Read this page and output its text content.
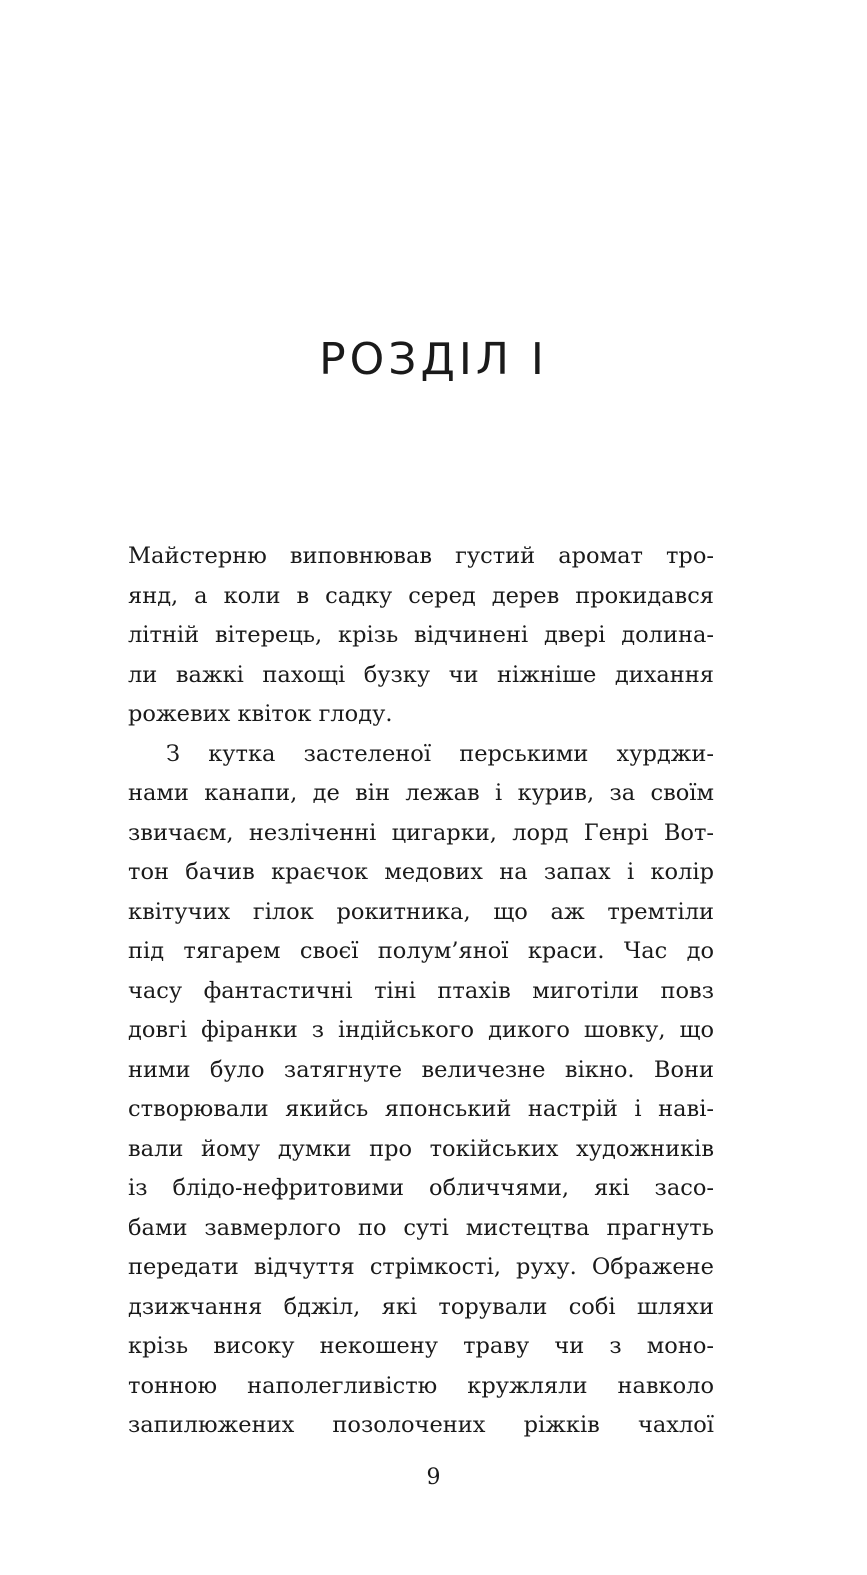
РОЗДІЛ I
Майстерню виповнював густий аромат тро-
янд, а коли в садку серед дерев прокидався
літній вітерець, крізь відчинені двері долина-
ли важкі пахощі бузку чи ніжніше дихання
рожевих квіток глоду.
З кутка застеленої перськими хурджи-
нами канапи, де він лежав і курив, за своїм
звичаєм, незліченні цигарки, лорд Генрі Вот-
тон бачив краєчок медових на запах і колір
квітучих гілок рокитника, що аж тремтіли
під тягарем своєї полум’яної краси. Час до
часу фантастичні тіні птахів миготіли повз
довгі фіранки з індійського дикого шовку, що
ними було затягнуте величезне вікно. Вони
створювали якийсь японський настрій і наві-
вали йому думки про токійських художників
із блідо-нефритовими обличчями, які засо-
бами завмерлого по суті мистецтва прагнуть
передати відчуття стрімкості, руху. Ображене
дзижчання бджіл, які торували собі шляхи
крізь високу некошену траву чи з моно-
тонною наполегливістю кружляли навколо
запилюжених позолочених ріжків чахлої
9
